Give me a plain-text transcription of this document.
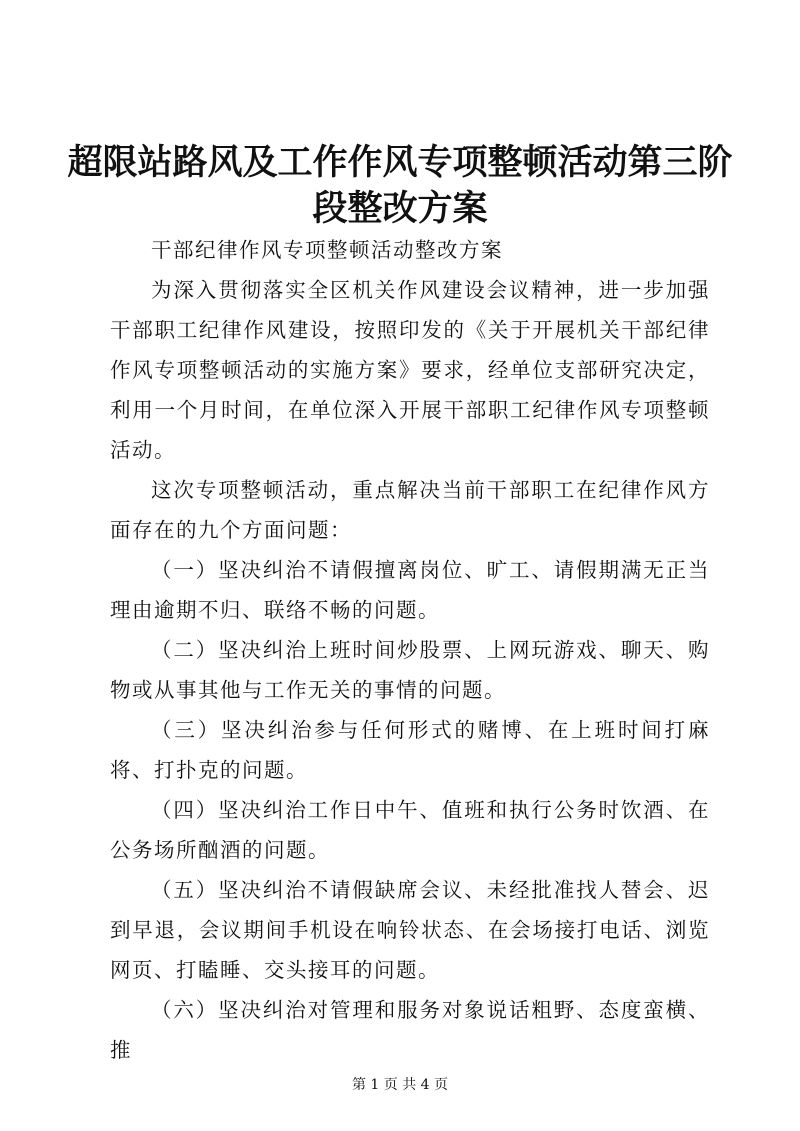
超限站路风及工作作风专项整顿活动第三阶段整改方案

干部纪律作风专项整顿活动整改方案

为深入贯彻落实全区机关作风建设会议精神，进一步加强干部职工纪律作风建设，按照印发的《关于开展机关干部纪律作风专项整顿活动的实施方案》要求，经单位支部研究决定，利用一个月时间，在单位深入开展干部职工纪律作风专项整顿活动。

这次专项整顿活动，重点解决当前干部职工在纪律作风方面存在的九个方面问题：

（一）坚决纠治不请假擅离岗位、旷工、请假期满无正当理由逾期不归、联络不畅的问题。

（二）坚决纠治上班时间炒股票、上网玩游戏、聊天、购物或从事其他与工作无关的事情的问题。

（三）坚决纠治参与任何形式的赌博、在上班时间打麻将、打扑克的问题。

（四）坚决纠治工作日中午、值班和执行公务时饮酒、在公务场所酗酒的问题。

（五）坚决纠治不请假缺席会议、未经批准找人替会、迟到早退，会议期间手机设在响铃状态、在会场接打电话、浏览网页、打瞌睡、交头接耳的问题。

（六）坚决纠治对管理和服务对象说话粗野、态度蛮横、推

第 1 页 共 4 页
